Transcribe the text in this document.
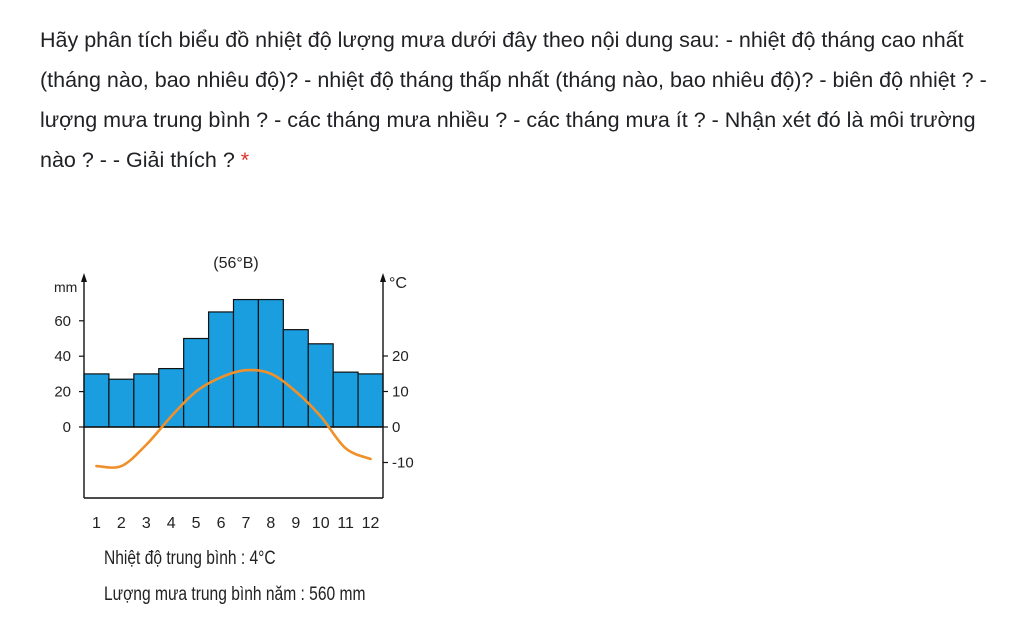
Hãy phân tích biểu đồ nhiệt độ lượng mưa dưới đây theo nội dung sau: - nhiệt độ tháng cao nhất (tháng nào, bao nhiêu độ)? - nhiệt độ tháng thấp nhất (tháng nào, bao nhiêu độ)? - biên độ nhiệt ? - lượng mưa trung bình ? - các tháng mưa nhiều ? - các tháng mưa ít ? - Nhận xét đó là môi trường nào ? - - Giải thích ? *
0
20
40
60
-10
0
10
20
1 2 3 4 5 6 7 8 9 10 11 12
mm	°C
(56°B)
Nhiệt độ trung bình : 4°C
Lượng mưa trung bình năm : 560 mm
